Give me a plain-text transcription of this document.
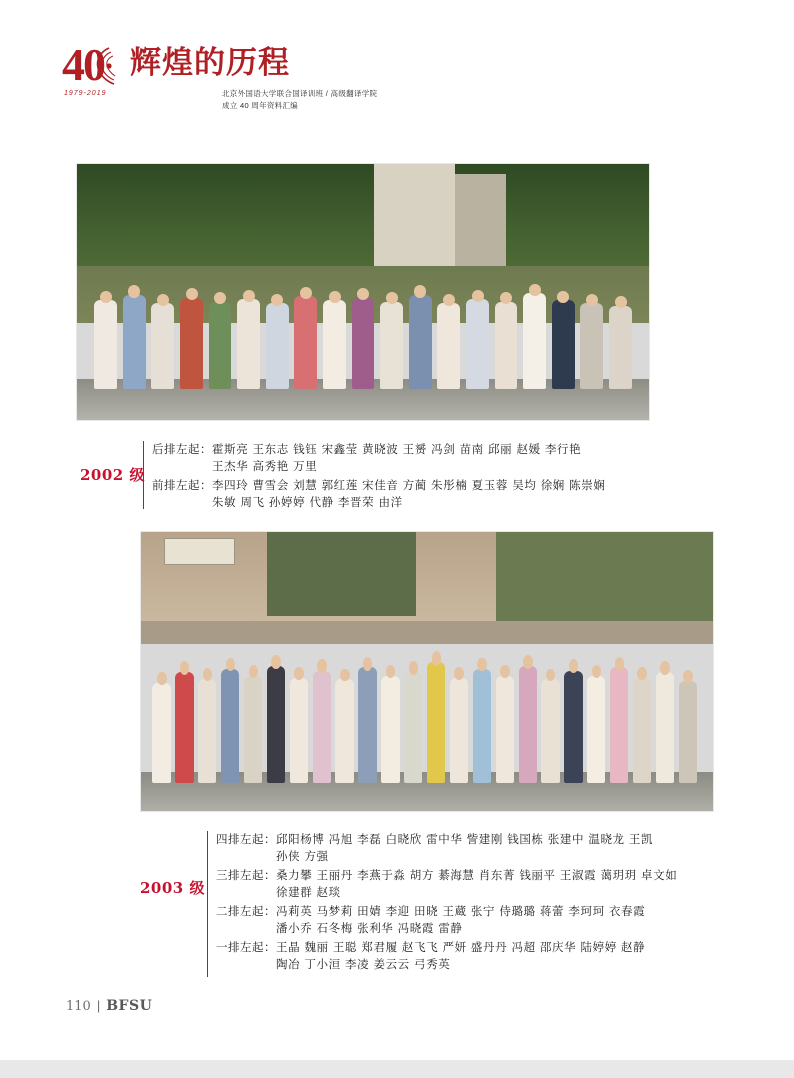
40
1979-2019
辉煌的历程
北京外国语大学联合国译训班 / 高级翻译学院
成立 40 周年资料汇编
2002 级
后排左起： 霍斯亮 王东志 钱钰 宋鑫莹 黄晓波 王赟 冯剑 苗南 邱丽 赵媛 李行艳
王杰华 高秀艳 万里
前排左起： 李四玲 曹雪会 刘慧 郭红莲 宋佳音 方蔺 朱彤楠 夏玉蓉 吴均 徐娴 陈崇娴
朱敏 周飞 孙婷婷 代静 李晋荣 由洋
2003 级
四排左起： 邱阳杨博 冯旭 李磊 白晓欣 雷中华 訾建刚 钱国栋 张建中 温晓龙 王凯
孙侠 方强
三排左起： 桑力攀 王丽丹 李燕于淼 胡方 綦海慧 肖东菁 钱丽平 王淑霞 蔼玥玥 卓文如
徐建群 赵琰
二排左起： 冯莉英 马梦莉 田婧 李迎 田晓 王蔵 张宁 侍璐璐 蒋蕾 李珂珂 衣春霞
潘小乔 石冬梅 张利华 冯晓霞 雷静
一排左起： 王晶 魏丽 王聪 郑君履 赵飞飞 严妍 盛丹丹 冯超 邵庆华 陆婷婷 赵静
陶冶 丁小洹 李凌 姜云云 弓秀英
110 | BFSU
